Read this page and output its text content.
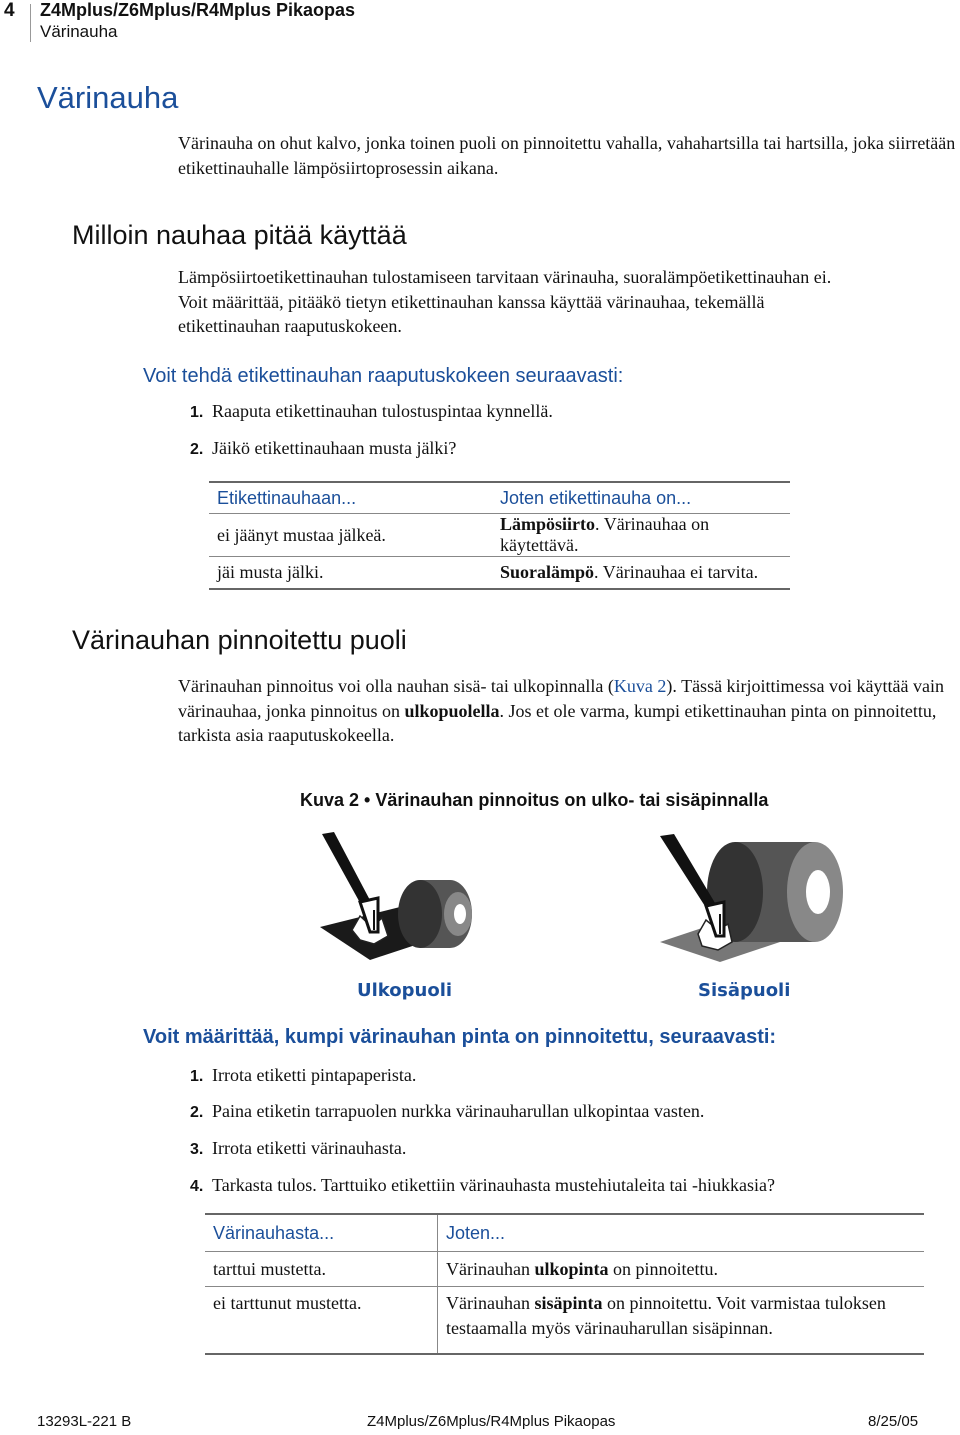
4 Z4Mplus/Z6Mplus/R4Mplus Pikaopas
Värinauha
Värinauha

Värinauha on ohut kalvo, jonka toinen puoli on pinnoitettu vahalla, vahahartsilla tai hartsilla, joka siirretään etikettinauhalle lämpösiirtoprosessin aikana.

Milloin nauhaa pitää käyttää
Lämpösiirtoetikettinauhan tulostamiseen tarvitaan värinauha, suoralämpöetikettinauhan ei.
Voit määrittää, pitääkö tietyn etikettinauhan kanssa käyttää värinauhaa, tekemällä
etikettinauhan raaputuskokeen.
Voit tehdä etikettinauhan raaputuskokeen seuraavasti:
1. Raaputa etikettinauhan tulostuspintaa kynnellä.
2. Jäikö etikettinauhaan musta jälki?
Etikettinauhaan...	Joten etikettinauha on...
ei jäänyt mustaa jälkeä.	Lämpösiirto. Värinauhaa on käytettävä.
jäi musta jälki.	Suoralämpö. Värinauhaa ei tarvita.
Värinauhan pinnoitettu puoli

Värinauhan pinnoitus voi olla nauhan sisä- tai ulkopinnalla (Kuva 2). Tässä kirjoittimessa voi käyttää vain värinauhaa, jonka pinnoitus on ulkopuolella. Jos et ole varma, kumpi etikettinauhan pinta on pinnoitettu, tarkista asia raaputuskokeella.

Kuva 2 • Värinauhan pinnoitus on ulko- tai sisäpinnalla
Ulkopuoli	Sisäpuoli
Voit määrittää, kumpi värinauhan pinta on pinnoitettu, seuraavasti:
1. Irrota etiketti pintapaperista.
2. Paina etiketin tarrapuolen nurkka värinauharullan ulkopintaa vasten.
3. Irrota etiketti värinauhasta.
4. Tarkasta tulos. Tarttuiko etikettiin värinauhasta mustehiutaleita tai -hiukkasia?
Värinauhasta...	Joten...
tarttui mustetta.	Värinauhan ulkopinta on pinnoitettu.
ei tarttunut mustetta.	Värinauhan sisäpinta on pinnoitettu. Voit varmistaa tuloksen testaamalla myös värinauharullan sisäpinnan.
13293L-221 B	Z4Mplus/Z6Mplus/R4Mplus Pikaopas	8/25/05
